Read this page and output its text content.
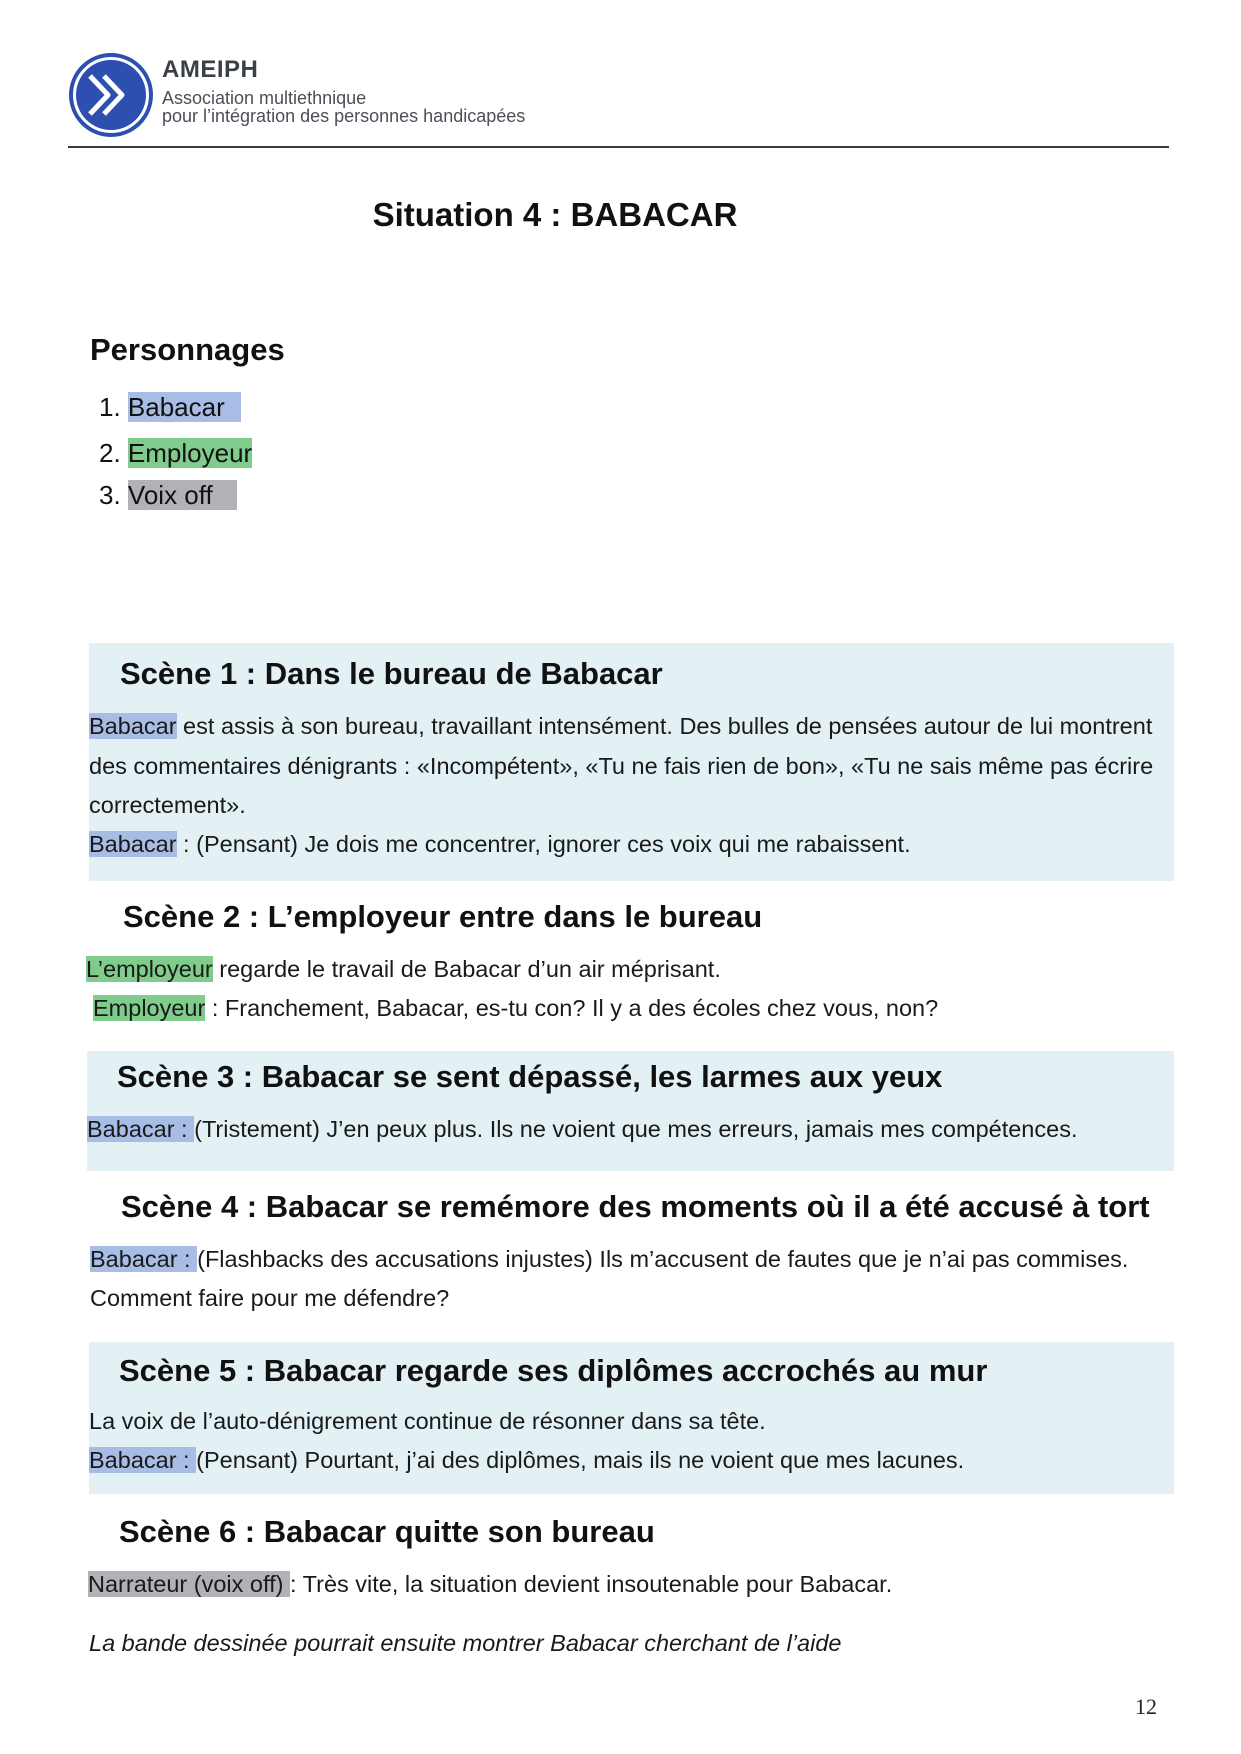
AMEIPH
Association multiethnique
pour l’intégration des personnes handicapées
Situation 4 : BABACAR
Personnages
1. Babacar
2. Employeur
3. Voix off
Scène 1 : Dans le bureau de Babacar
Babacar est assis à son bureau, travaillant intensément. Des bulles de pensées autour de lui montrent
des commentaires dénigrants : «Incompétent», «Tu ne fais rien de bon», «Tu ne sais même pas écrire
correctement».
Babacar : (Pensant) Je dois me concentrer, ignorer ces voix qui me rabaissent.
Scène 2 : L’employeur entre dans le bureau
L’employeur regarde le travail de Babacar d’un air méprisant.
Employeur : Franchement, Babacar, es-tu con? Il y a des écoles chez vous, non?
Scène 3 : Babacar se sent dépassé, les larmes aux yeux
Babacar : (Tristement) J’en peux plus. Ils ne voient que mes erreurs, jamais mes compétences.
Scène 4 : Babacar se remémore des moments où il a été accusé à tort
Babacar : (Flashbacks des accusations injustes) Ils m’accusent de fautes que je n’ai pas commises.
Comment faire pour me défendre?
Scène 5 : Babacar regarde ses diplômes accrochés au mur
La voix de l’auto-dénigrement continue de résonner dans sa tête.
Babacar : (Pensant) Pourtant, j’ai des diplômes, mais ils ne voient que mes lacunes.
Scène 6 : Babacar quitte son bureau
Narrateur (voix off) : Très vite, la situation devient insoutenable pour Babacar.
La bande dessinée pourrait ensuite montrer Babacar cherchant de l’aide
12
